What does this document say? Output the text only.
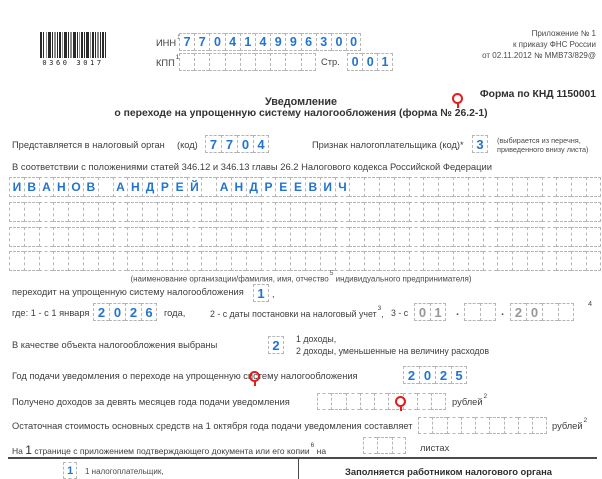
0360 3017
ИНН 7 7 0 4 1 4 9 9 6 3 0 0
КПП$^1$	Стр. 0 0 1
Приложение № 1
к приказу ФНС России
от 02.11.2012 № ММВ73/829@
Форма по КНД 1150001
Уведомление
о переходе на упрощенную систему налогообложения (форма № 26.2-1)
Представляется в налоговый орган (код) 7 7 0 4	Признак налогоплательщика (код)* 3	(выбирается из перечня,
приведенного внизу листа)
В соответствии с положениями статей 346.12 и 346.13 главы 26.2 Налогового кодекса Российской Федерации
И В А Н О В А Н Д Р Е Й А Н Д Р Е Е В И Ч
(наименование организации/фамилия, имя, отчество$^5$ индивидуального предпринимателя)
переходит на упрощенную систему налогообложения	1 ,
где: 1 - с 1 января 2 0 2 6	года,	2 - с даты постановки на налоговый учет$^3$, 3 - с 0 1	.	. 2 0
4
В качестве объекта налогообложения выбраны	2	1 доходы,
2 доходы, уменьшенные на величину расходов
Год подачи уведомления о переходе на упрощенную систему налогообложения	2 0 2 5
Получено доходов за девять месяцев года подачи уведомления	рублей$^2$
Остаточная стоимость основных средств на 1 октября года подачи уведомления составляет	рублей$^2$
На 1 странице с приложением подтверждающего документа или его копии$^6$ на	листах
1	1 налогоплательщик,	Заполняется работником налогового органа
